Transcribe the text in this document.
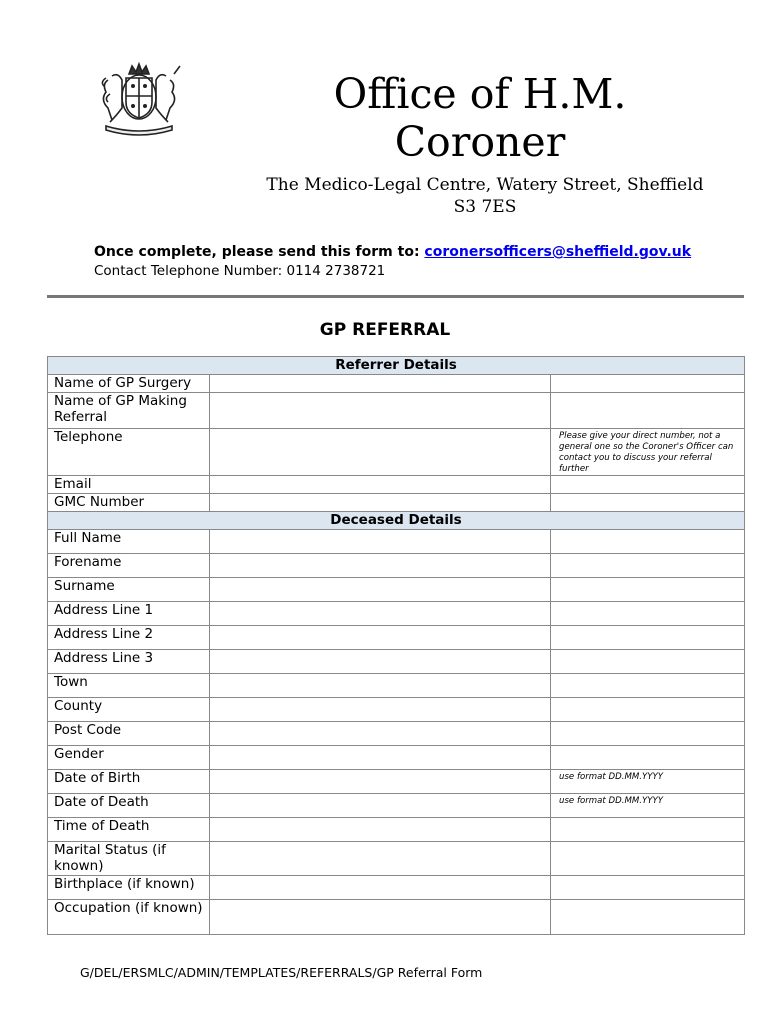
Office of H.M.
Coroner
The Medico-Legal Centre, Watery Street, Sheffield
S3 7ES
Once complete, please send this form to: coronersofficers@sheffield.gov.uk
Contact Telephone Number: 0114 2738721
GP REFERRAL
Referrer Details		
Name of GP Surgery		
Name of GP Making Referral		
Telephone		Please give your direct number, not a general one so the Coroner's Officer can contact you to discuss your referral further
Email		
GMC Number		
Deceased Details		
Full Name		
Forename		
Surname		
Address Line 1		
Address Line 2		
Address Line 3		
Town		
County		
Post Code		
Gender		
Date of Birth		use format DD.MM.YYYY
Date of Death		use format DD.MM.YYYY
Time of Death		
Marital Status (if known)		
Birthplace (if known)		
Occupation (if known)		
G/DEL/ERSMLC/ADMIN/TEMPLATES/REFERRALS/GP Referral Form
